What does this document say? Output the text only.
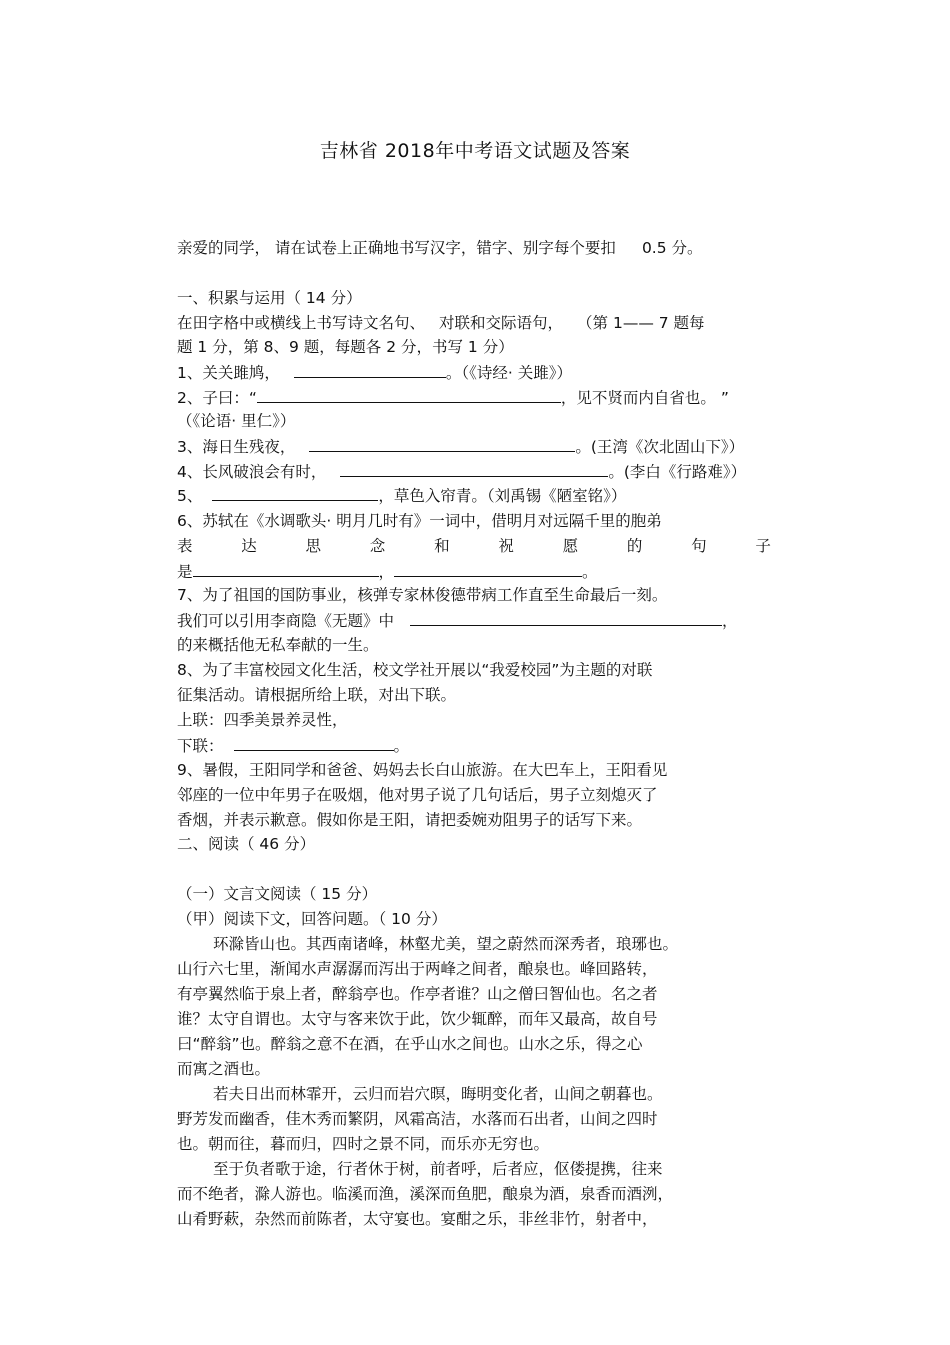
吉林省 2018年中考语文试题及答案
亲爱的同学， 请在试卷上正确地书写汉字，错字、别字每个要扣 0.5 分。
一、积累与运用（ 14 分）
在田字格中或横线上书写诗文名句、 对联和交际语句， （第 1—— 7 题每
题 1 分，第 8、9 题，每题各 2 分，书写 1 分）
1、关关雎鸠，	。（《诗经· 关雎》）
2、子曰：“	，见不贤而内自省也。 ”
（《论语· 里仁》）
3、海日生残夜，	。(王湾《次北固山下》）
4、长风破浪会有时，	。(李白《行路难》）
5、	，草色入帘青。（刘禹锡《陋室铭》）
6、苏轼在《水调歌头· 明月几时有》一词中，借明月对远隔千里的胞弟
表	达	思	念	和	祝	愿	的	句	子
是	，	。
7、为了祖国的国防事业，核弹专家林俊德带病工作直至生命最后一刻。
我们可以引用李商隐《无题》中	，
的来概括他无私奉献的一生。
8、为了丰富校园文化生活，校文学社开展以“我爱校园”为主题的对联
征集活动。请根据所给上联，对出下联。
上联：四季美景养灵性，
下联：	。
9、暑假，王阳同学和爸爸、妈妈去长白山旅游。在大巴车上，王阳看见
邻座的一位中年男子在吸烟，他对男子说了几句话后，男子立刻熄灭了
香烟，并表示歉意。假如你是王阳，请把委婉劝阻男子的话写下来。
二、阅读（ 46 分）
（一）文言文阅读（ 15 分）
（甲）阅读下文，回答问题。（ 10 分）
环滁皆山也。其西南诸峰，林壑尤美，望之蔚然而深秀者，琅琊也。
山行六七里，渐闻水声潺潺而泻出于两峰之间者，酿泉也。峰回路转，
有亭翼然临于泉上者，醉翁亭也。作亭者谁？山之僧曰智仙也。名之者
谁？太守自谓也。太守与客来饮于此，饮少辄醉，而年又最高，故自号
曰“醉翁”也。醉翁之意不在酒，在乎山水之间也。山水之乐，得之心
而寓之酒也。
若夫日出而林霏开，云归而岩穴暝，晦明变化者，山间之朝暮也。
野芳发而幽香，佳木秀而繁阴，风霜高洁，水落而石出者，山间之四时
也。朝而往，暮而归，四时之景不同，而乐亦无穷也。
至于负者歌于途，行者休于树，前者呼，后者应，伛偻提携，往来
而不绝者，滁人游也。临溪而渔，溪深而鱼肥，酿泉为酒，泉香而酒洌，
山肴野蔌，杂然而前陈者，太守宴也。宴酣之乐，非丝非竹，射者中，
